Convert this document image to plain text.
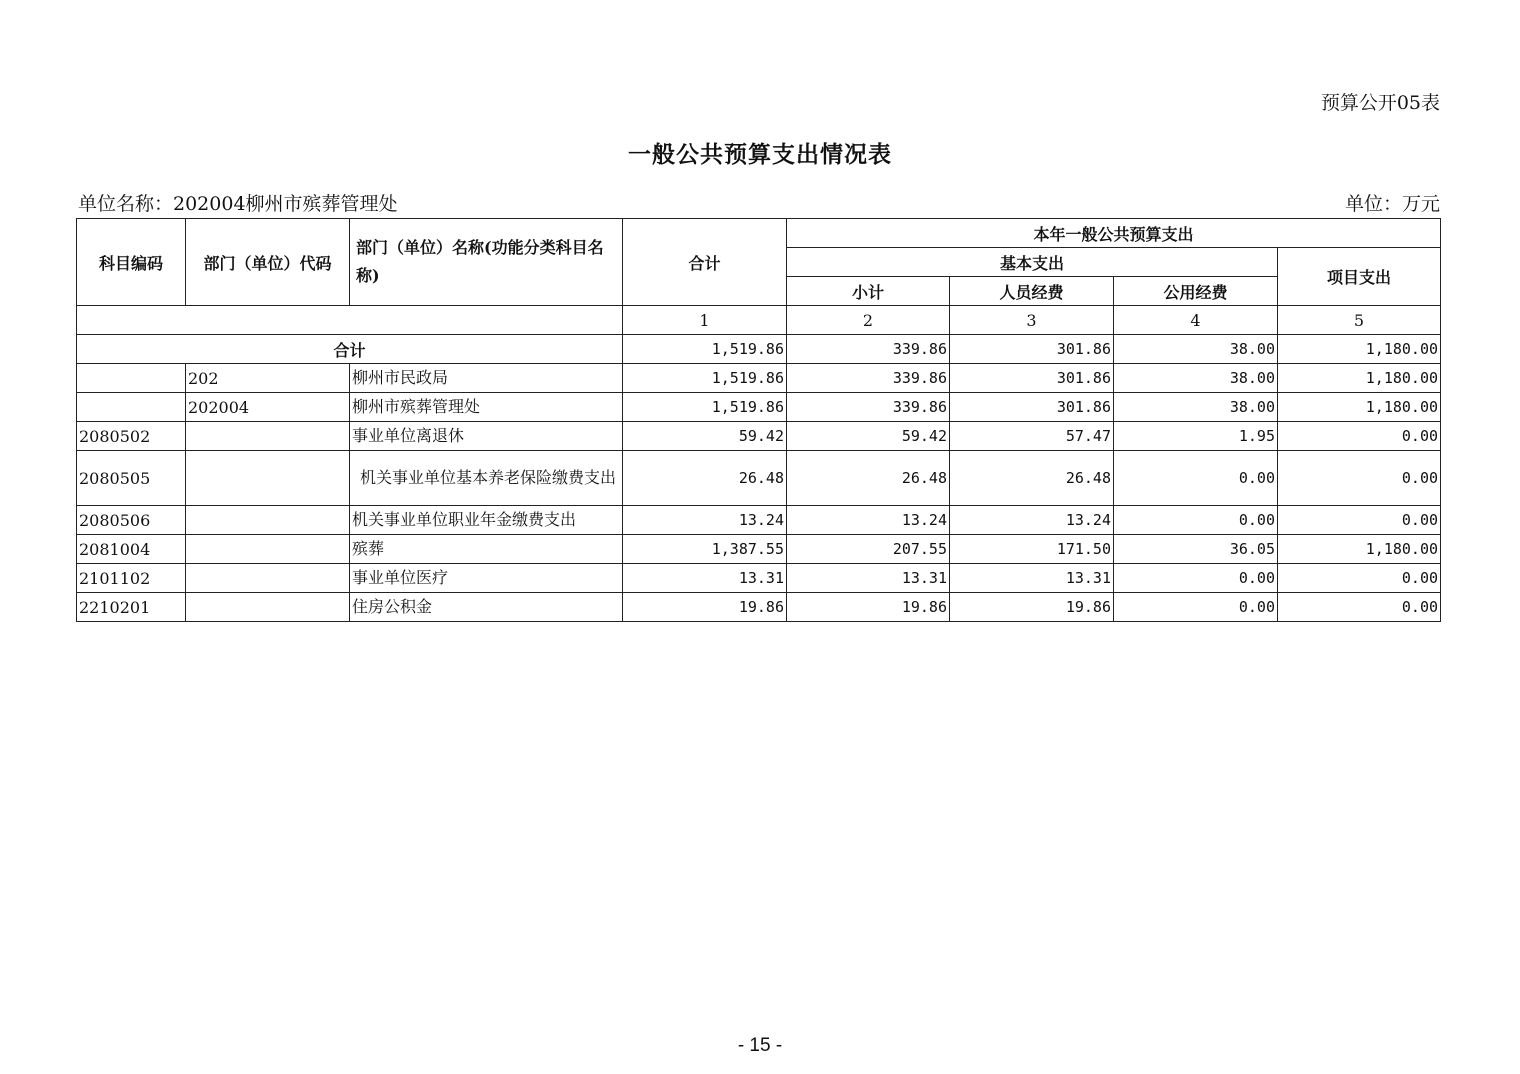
预算公开05表
一般公共预算支出情况表
单位名称：202004柳州市殡葬管理处	单位：万元
科目编码	部门（单位）代码	部门（单位）名称(功能分类科目名称)	合计	本年一般公共预算支出			
				基本支出			项目支出
				小计	人员经费	公用经费	
			1	2	3	4	5
合计			1,519.86	339.86	301.86	38.00	1,180.00
	202	柳州市民政局	1,519.86	339.86	301.86	38.00	1,180.00
	202004	柳州市殡葬管理处	1,519.86	339.86	301.86	38.00	1,180.00
2080502		事业单位离退休	59.42	59.42	57.47	1.95	0.00
2080505		机关事业单位基本养老保险缴费支出	26.48	26.48	26.48	0.00	0.00
2080506		机关事业单位职业年金缴费支出	13.24	13.24	13.24	0.00	0.00
2081004		殡葬	1,387.55	207.55	171.50	36.05	1,180.00
2101102		事业单位医疗	13.31	13.31	13.31	0.00	0.00
2210201		住房公积金	19.86	19.86	19.86	0.00	0.00
- 15 -
